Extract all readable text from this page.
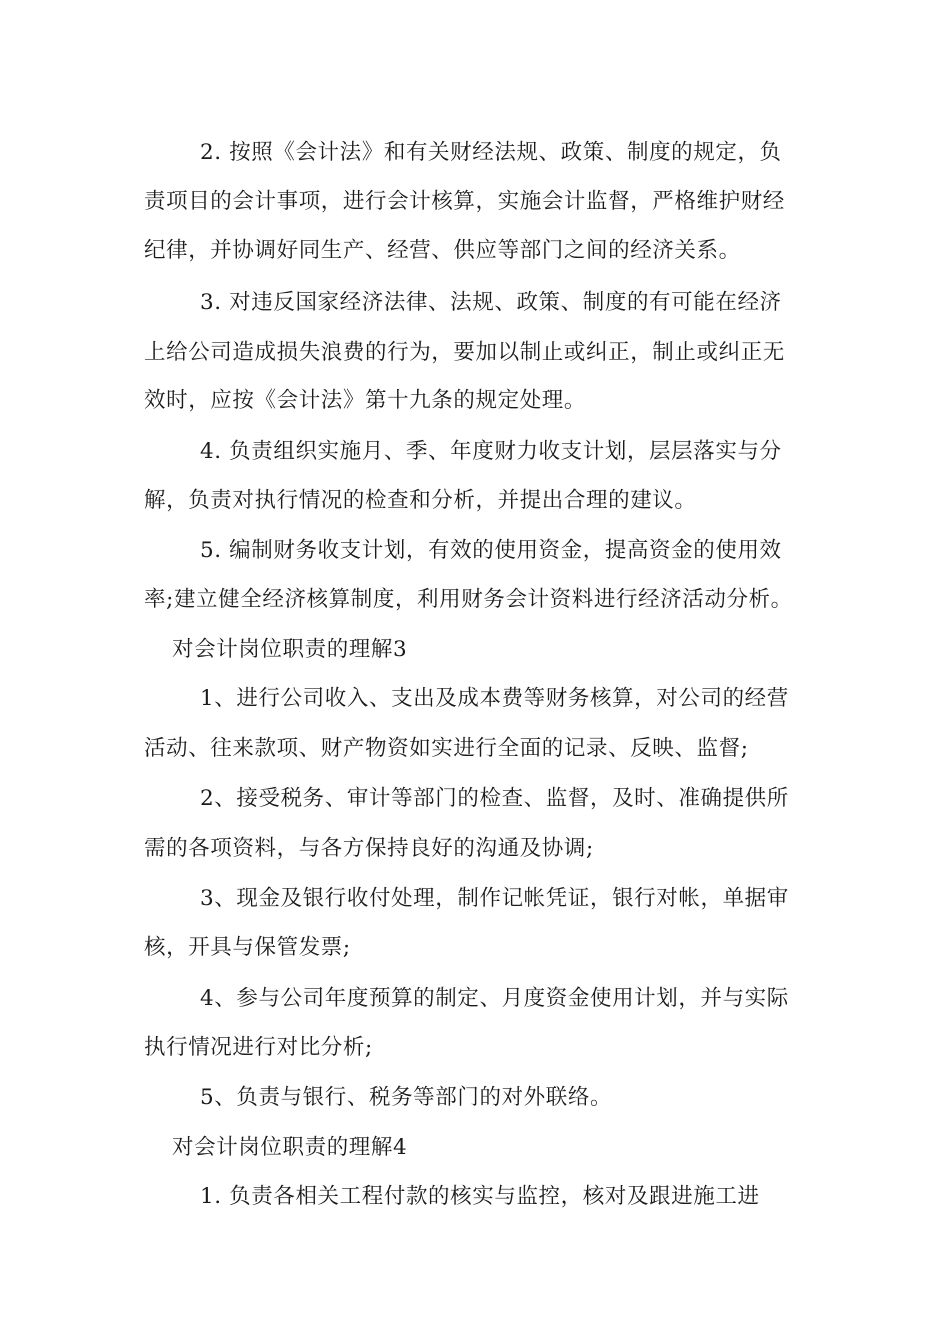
2. 按照《会计法》和有关财经法规、政策、制度的规定，负
责项目的会计事项，进行会计核算，实施会计监督，严格维护财经
纪律，并协调好同生产、经营、供应等部门之间的经济关系。
3. 对违反国家经济法律、法规、政策、制度的有可能在经济
上给公司造成损失浪费的行为，要加以制止或纠正，制止或纠正无
效时，应按《会计法》第十九条的规定处理。
4. 负责组织实施月、季、年度财力收支计划，层层落实与分
解，负责对执行情况的检查和分析，并提出合理的建议。
5. 编制财务收支计划，有效的使用资金，提高资金的使用效
率;建立健全经济核算制度，利用财务会计资料进行经济活动分析。
对会计岗位职责的理解3
1、进行公司收入、支出及成本费等财务核算，对公司的经营
活动、往来款项、财产物资如实进行全面的记录、反映、监督;
2、接受税务、审计等部门的检查、监督，及时、准确提供所
需的各项资料，与各方保持良好的沟通及协调;
3、现金及银行收付处理，制作记帐凭证，银行对帐，单据审
核，开具与保管发票;
4、参与公司年度预算的制定、月度资金使用计划，并与实际
执行情况进行对比分析;
5、负责与银行、税务等部门的对外联络。
对会计岗位职责的理解4
1. 负责各相关工程付款的核实与监控，核对及跟进施工进
